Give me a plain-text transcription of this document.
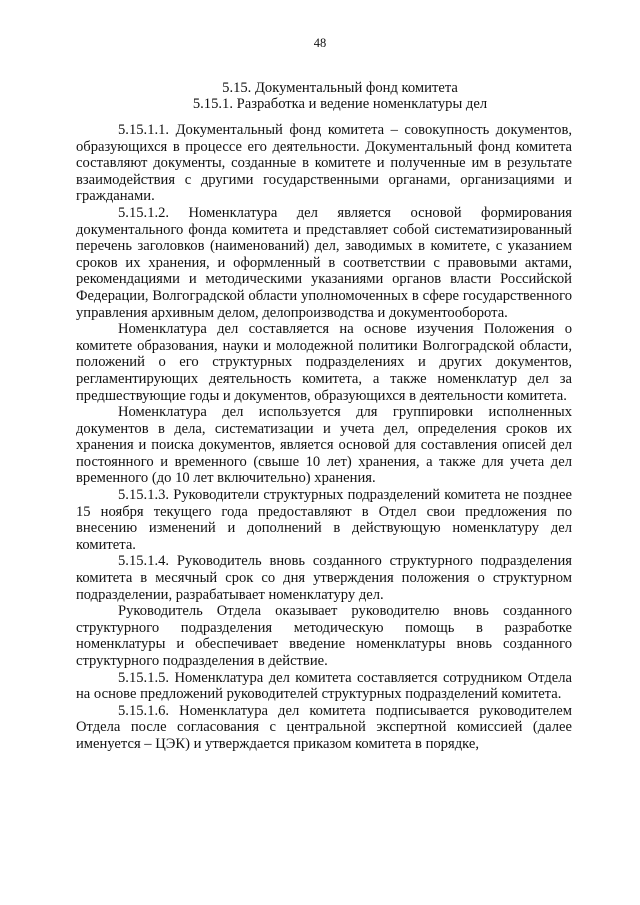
48
5.15. Документальный фонд комитета
5.15.1. Разработка и ведение номенклатуры дел

5.15.1.1. Документальный фонд комитета – совокупность документов, образующихся в процессе его деятельности. Документальный фонд комитета составляют документы, созданные в комитете и полученные им в результате взаимодействия с другими государственными органами, организациями и гражданами.

5.15.1.2. Номенклатура дел является основой формирования документального фонда комитета и представляет собой систематизированный перечень заголовков (наименований) дел, заводимых в комитете, с указанием сроков их хранения, и оформленный в соответствии с правовыми актами, рекомендациями и методическими указаниями органов власти Российской Федерации, Волгоградской области уполномоченных в сфере государственного управления архивным делом, делопроизводства и документооборота.

Номенклатура дел составляется на основе изучения Положения о комитете образования, науки и молодежной политики Волгоградской области, положений о его структурных подразделениях и других документов, регламентирующих деятельность комитета, а также номенклатур дел за предшествующие годы и документов, образующихся в деятельности комитета.

Номенклатура дел используется для группировки исполненных документов в дела, систематизации и учета дел, определения сроков их хранения и поиска документов, является основой для составления описей дел постоянного и временного (свыше 10 лет) хранения, а также для учета дел временного (до 10 лет включительно) хранения.

5.15.1.3. Руководители структурных подразделений комитета не позднее 15 ноября текущего года предоставляют в Отдел свои предложения по внесению изменений и дополнений в действующую номенклатуру дел комитета.

5.15.1.4. Руководитель вновь созданного структурного подразделения комитета в месячный срок со дня утверждения положения о структурном подразделении, разрабатывает номенклатуру дел.

Руководитель Отдела оказывает руководителю вновь созданного структурного подразделения методическую помощь в разработке номенклатуры и обеспечивает введение номенклатуры вновь созданного структурного подразделения в действие.

5.15.1.5. Номенклатура дел комитета составляется сотрудником Отдела на основе предложений руководителей структурных подразделений комитета.

5.15.1.6. Номенклатура дел комитета подписывается руководителем Отдела после согласования с центральной экспертной комиссией (далее именуется – ЦЭК) и утверждается приказом комитета в порядке,
